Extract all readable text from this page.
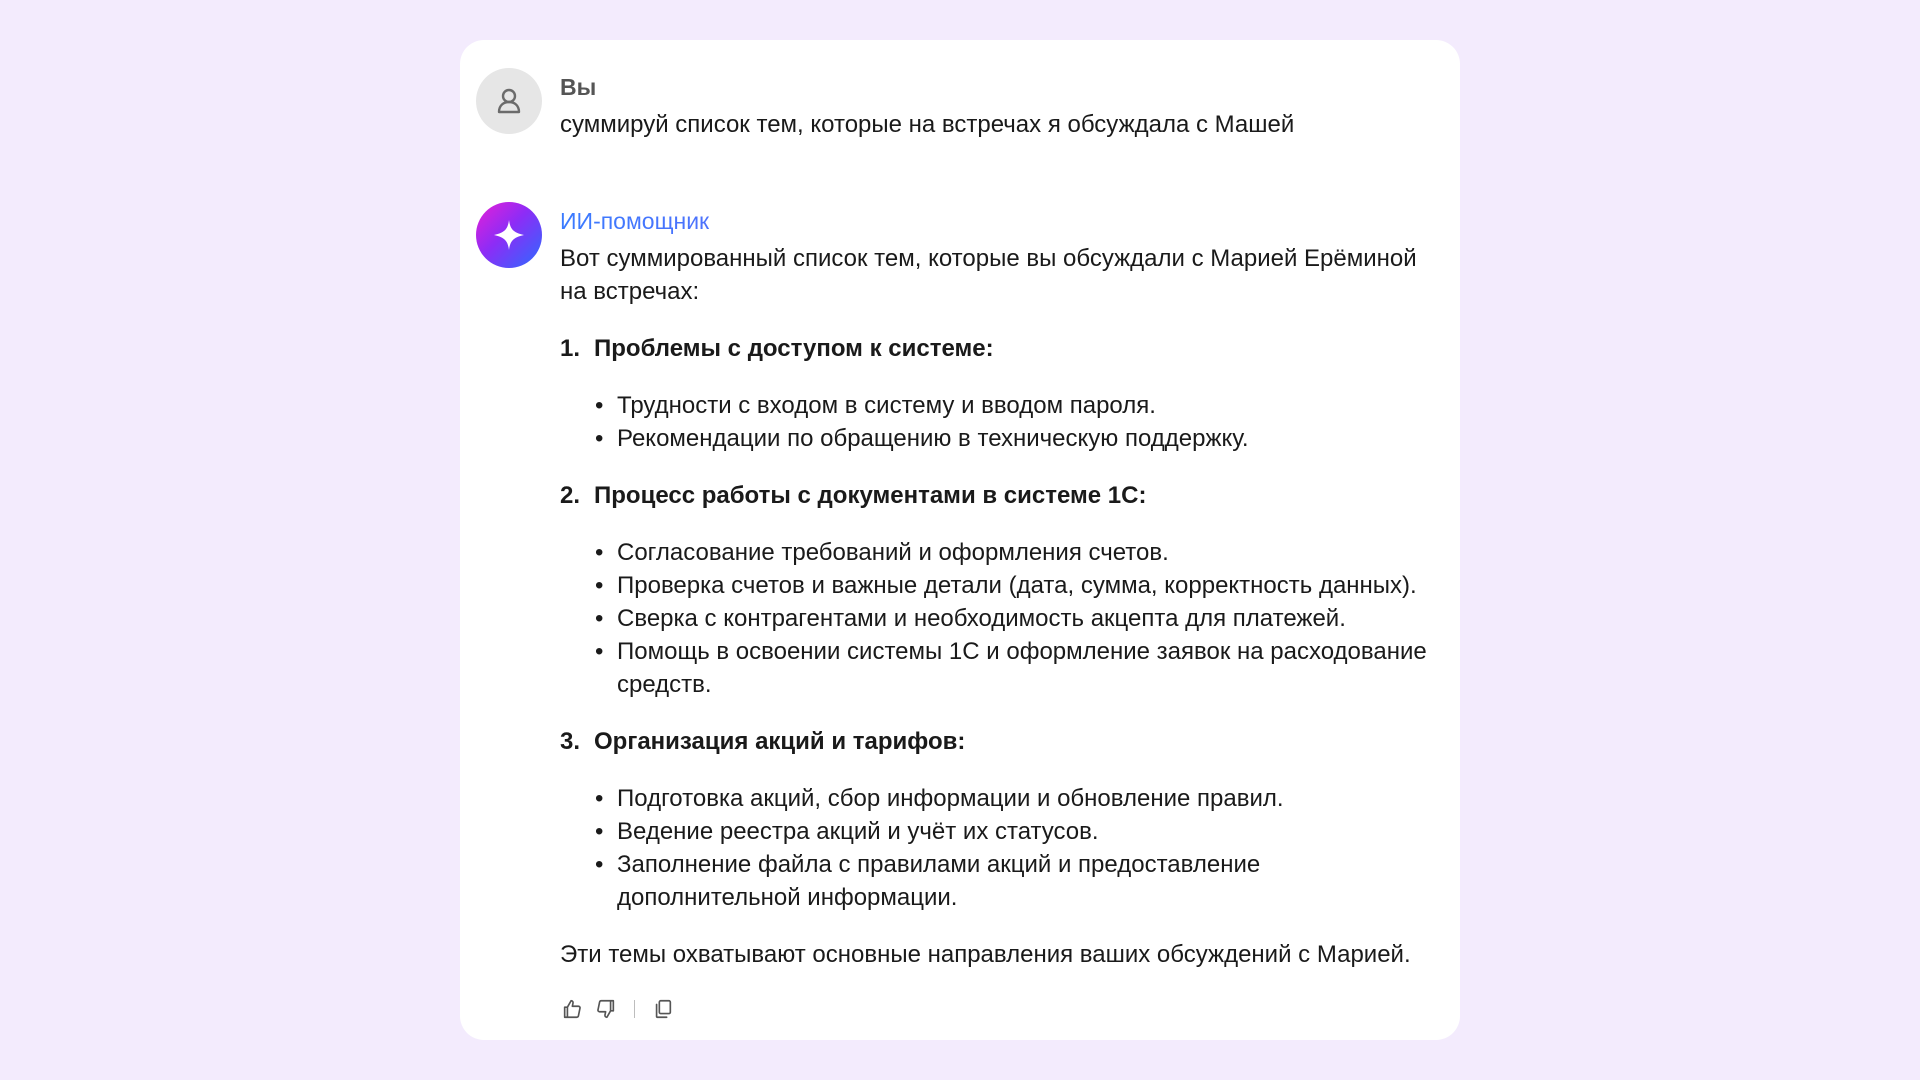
Вы
суммируй список тем, которые на встречах я обсуждала с Машей
ИИ-помощник
Вот суммированный список тем, которые вы обсуждали с Марией Ерёминой на встречах:
1. Проблемы с доступом к системе:
• Трудности с входом в систему и вводом пароля.
• Рекомендации по обращению в техническую поддержку.
2. Процесс работы с документами в системе 1С:
• Согласование требований и оформления счетов.
• Проверка счетов и важные детали (дата, сумма, корректность данных).
• Сверка с контрагентами и необходимость акцепта для платежей.
• Помощь в освоении системы 1С и оформление заявок на расходование средств.
3. Организация акций и тарифов:
• Подготовка акций, сбор информации и обновление правил.
• Ведение реестра акций и учёт их статусов.
• Заполнение файла с правилами акций и предоставление дополнительной информации.
Эти темы охватывают основные направления ваших обсуждений с Марией.
